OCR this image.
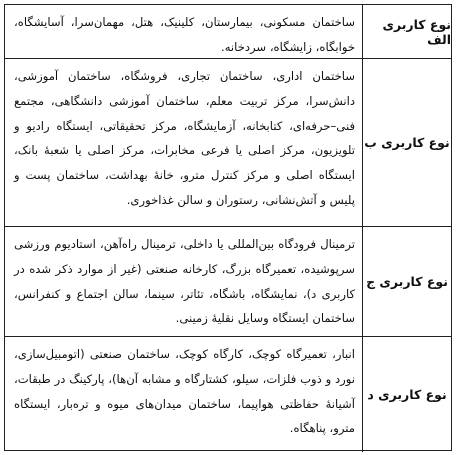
نوع کاربری الف
ساختمان مسکونی، بیمارستان، کلینیک، هتل، مهمان‌سرا، آسایشگاه، خوابگاه، زایشگاه، سردخانه.
نوع کاربری ب
ساختمان اداری، ساختمان تجاری، فروشگاه، ساختمان آموزشی، دانش‌سرا، مرکز تربیت معلم، ساختمان آموزشی دانشگاهی، مجتمع فنی–حرفه‌ای، کتابخانه، آزمایشگاه، مرکز تحقیقاتی، ایستگاه رادیو و تلویزیون، مرکز اصلی یا فرعی مخابرات، مرکز اصلی یا شعبهٔ بانک، ایستگاه اصلی و مرکز کنترل مترو، خانهٔ بهداشت، ساختمان پست و پلیس و آتش‌نشانی، رستوران و سالن غذاخوری.
نوع کاربری ج
ترمینال فرودگاه بین‌المللی یا داخلی، ترمینال راه‌آهن، استادیوم ورزشی سرپوشیده، تعمیرگاه بزرگ، کارخانه صنعتی (غیر از موارد ذکر شده در کاربری د)، نمایشگاه، باشگاه، تئاتر، سینما، سالن اجتماع و کنفرانس، ساختمان ایستگاه وسایل نقلیهٔ زمینی.
نوع کاربری د
انبار، تعمیرگاه کوچک، کارگاه کوچک، ساختمان صنعتی (اتومبیل‌سازی، نورد و ذوب فلزات، سیلو، کشتارگاه و مشابه آن‌ها)، پارکینگ در طبقات، آشیانهٔ حفاظتی هواپیما، ساختمان میدان‌های میوه و تره‌بار، ایستگاه مترو، پناهگاه.
